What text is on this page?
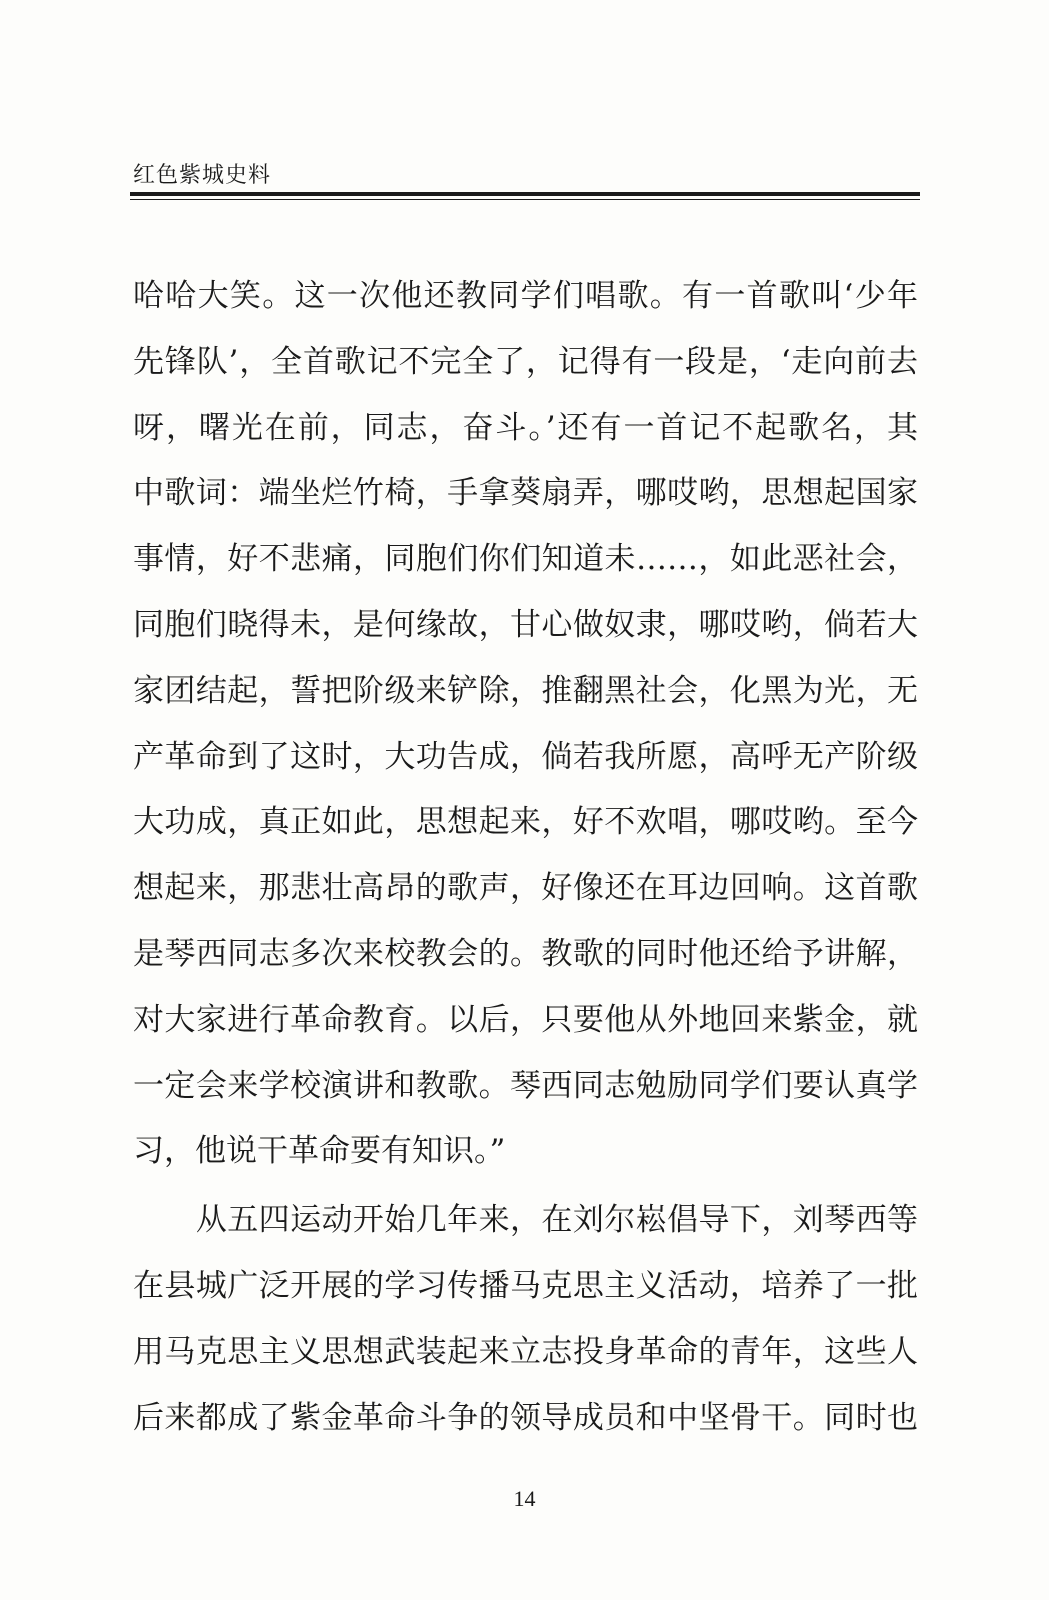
红色紫城史料
哈哈大笑。这一次他还教同学们唱歌。有一首歌叫‘少年
先锋队’，全首歌记不完全了，记得有一段是，‘走向前去
呀，曙光在前，同志，奋斗。’还有一首记不起歌名，其
中歌词：端坐烂竹椅，手拿葵扇弄，哪哎哟，思想起国家
事情，好不悲痛，同胞们你们知道未……，如此恶社会，
同胞们晓得未，是何缘故，甘心做奴隶，哪哎哟，倘若大
家团结起，誓把阶级来铲除，推翻黑社会，化黑为光，无
产革命到了这时，大功告成，倘若我所愿，高呼无产阶级
大功成，真正如此，思想起来，好不欢唱，哪哎哟。至今
想起来，那悲壮高昂的歌声，好像还在耳边回响。这首歌
是琴西同志多次来校教会的。教歌的同时他还给予讲解，
对大家进行革命教育。以后，只要他从外地回来紫金，就
一定会来学校演讲和教歌。琴西同志勉励同学们要认真学
习，他说干革命要有知识。”
　　从五四运动开始几年来，在刘尔崧倡导下，刘琴西等
在县城广泛开展的学习传播马克思主义活动，培养了一批
用马克思主义思想武装起来立志投身革命的青年，这些人
后来都成了紫金革命斗争的领导成员和中坚骨干。同时也
14
